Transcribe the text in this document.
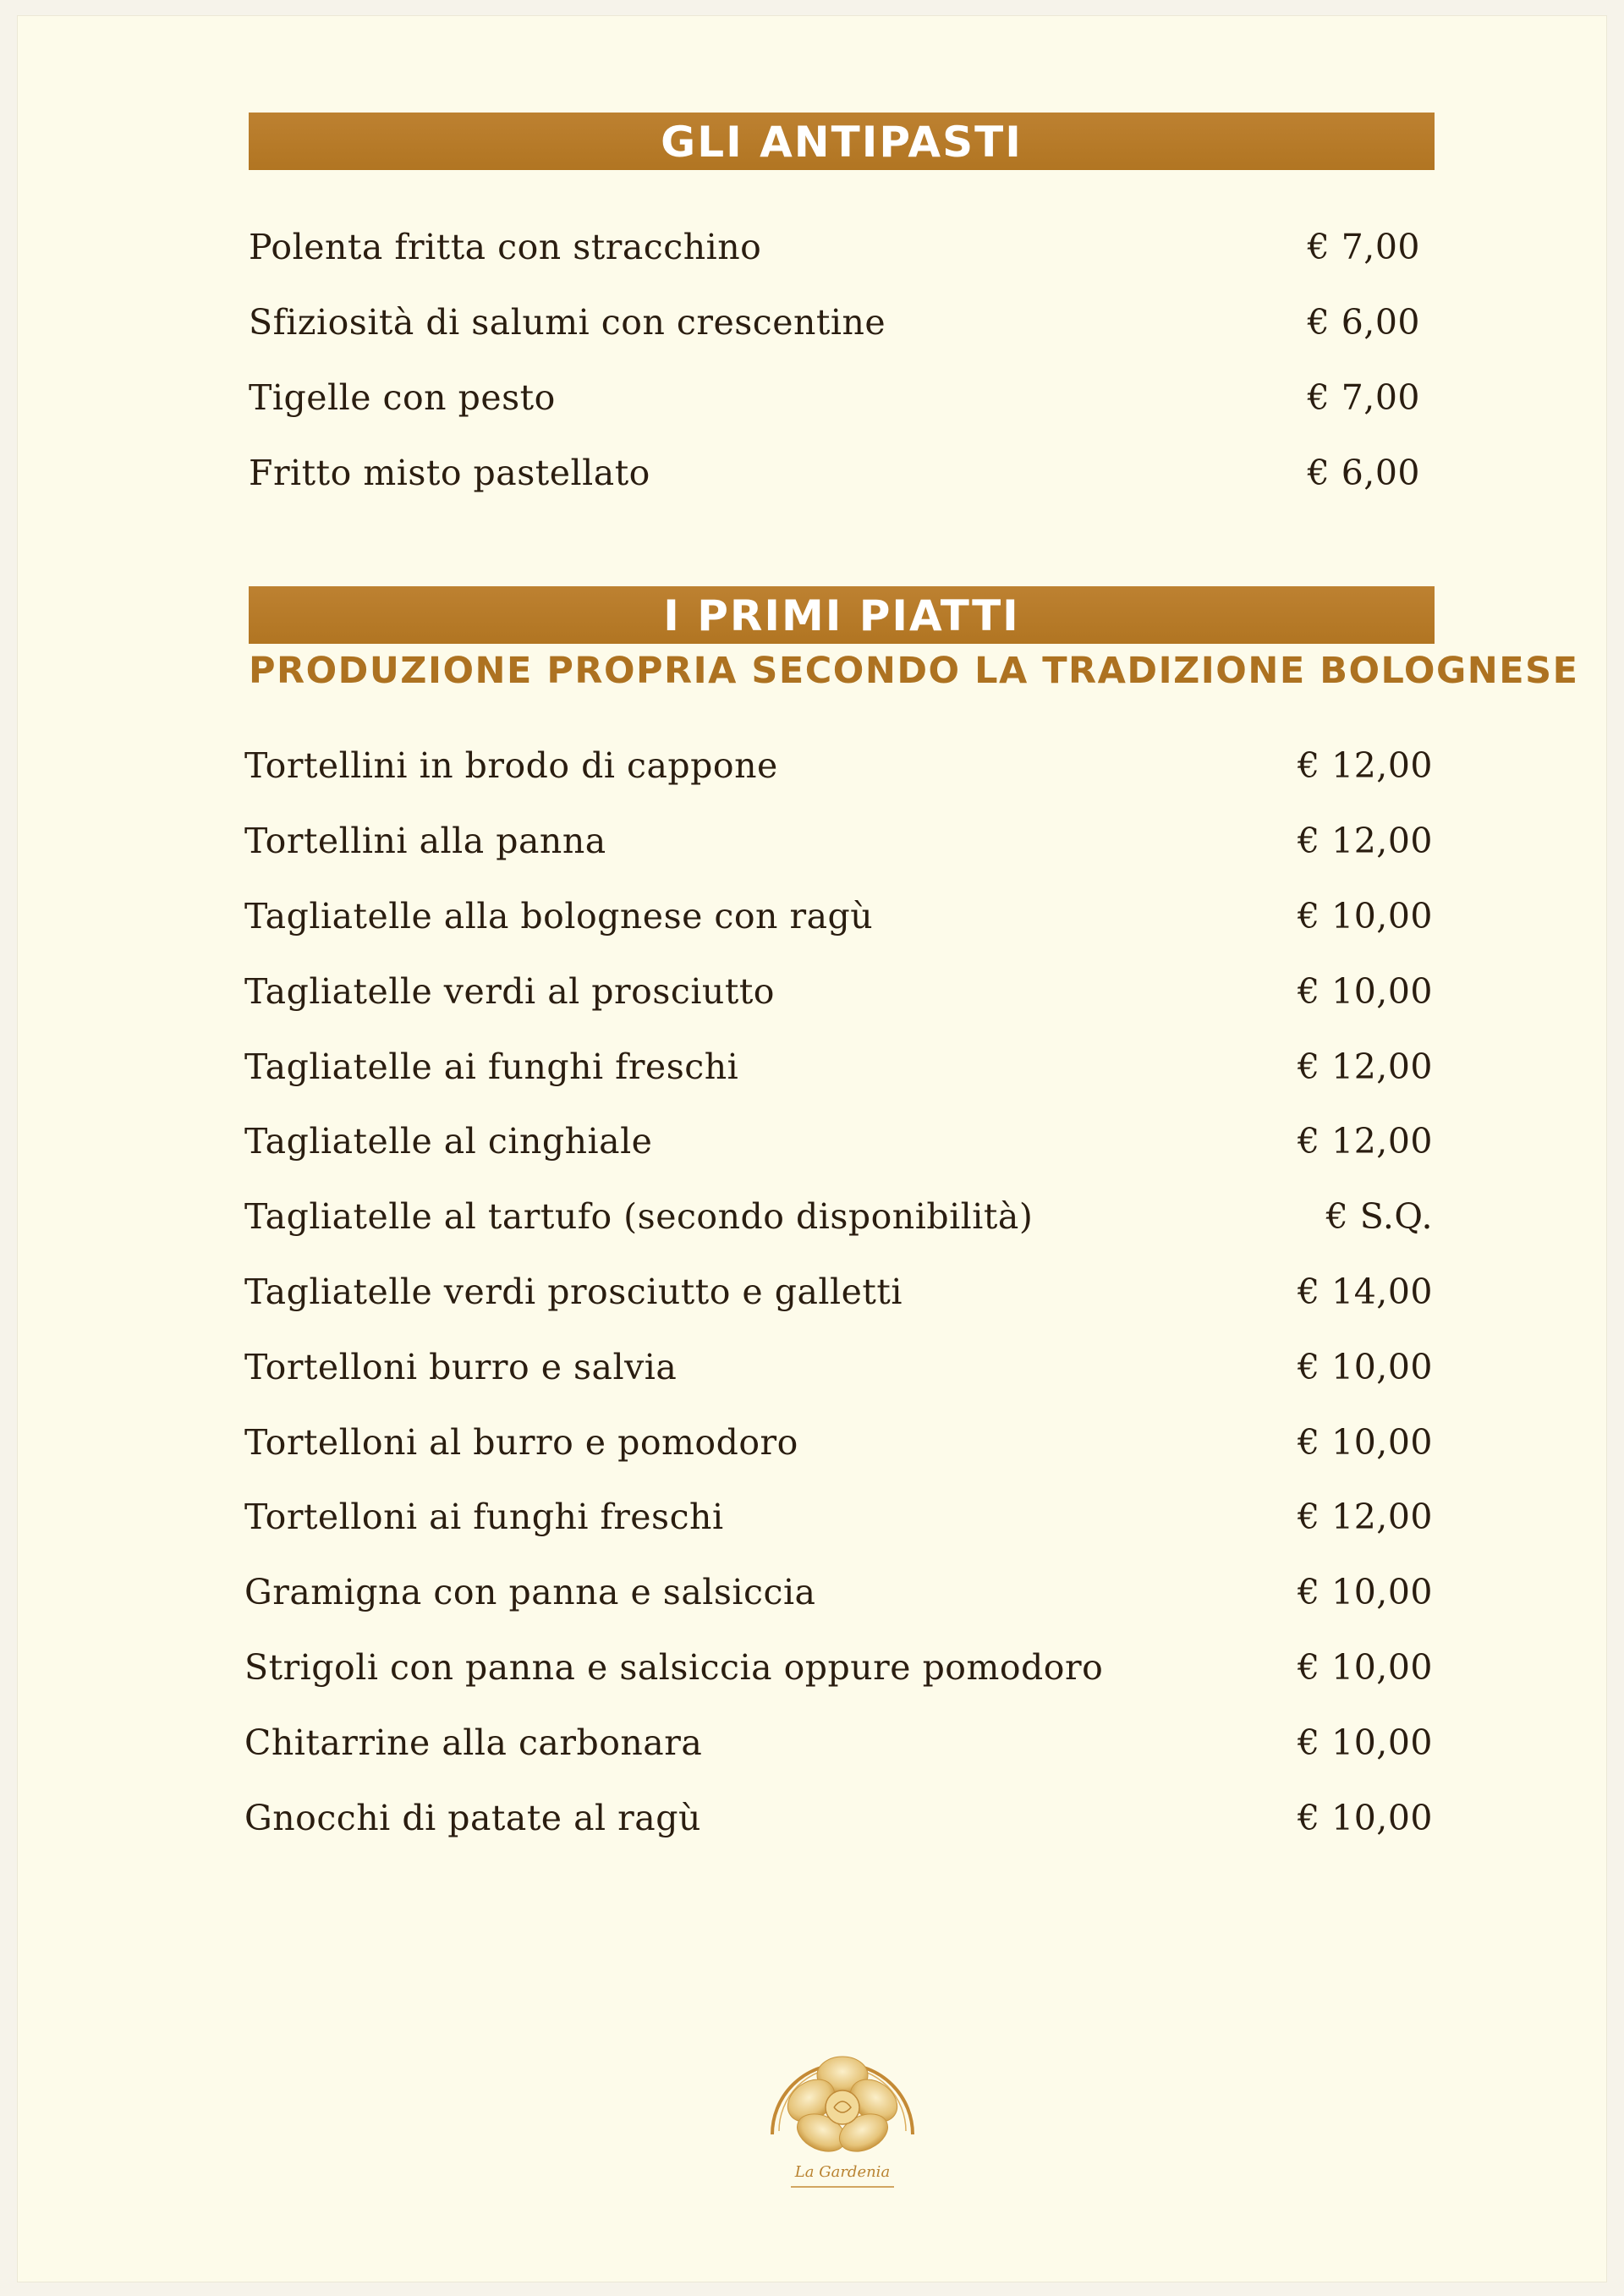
GLI ANTIPASTI
Polenta fritta con stracchino	€ 7,00
Sfiziosità di salumi con crescentine	€ 6,00
Tigelle con pesto	€ 7,00
Fritto misto pastellato	€ 6,00
I PRIMI PIATTI
PRODUZIONE PROPRIA SECONDO LA TRADIZIONE BOLOGNESE
Tortellini in brodo di cappone	€ 12,00
Tortellini alla panna	€ 12,00
Tagliatelle alla bolognese con ragù	€ 10,00
Tagliatelle verdi al prosciutto	€ 10,00
Tagliatelle ai funghi freschi	€ 12,00
Tagliatelle al cinghiale	€ 12,00
Tagliatelle al tartufo (secondo disponibilità)	€ S.Q.
Tagliatelle verdi prosciutto e galletti	€ 14,00
Tortelloni burro e salvia	€ 10,00
Tortelloni al burro e pomodoro	€ 10,00
Tortelloni ai funghi freschi	€ 12,00
Gramigna con panna e salsiccia	€ 10,00
Strigoli con panna e salsiccia oppure pomodoro	€ 10,00
Chitarrine alla carbonara	€ 10,00
Gnocchi di patate al ragù	€ 10,00
La Gardenia
